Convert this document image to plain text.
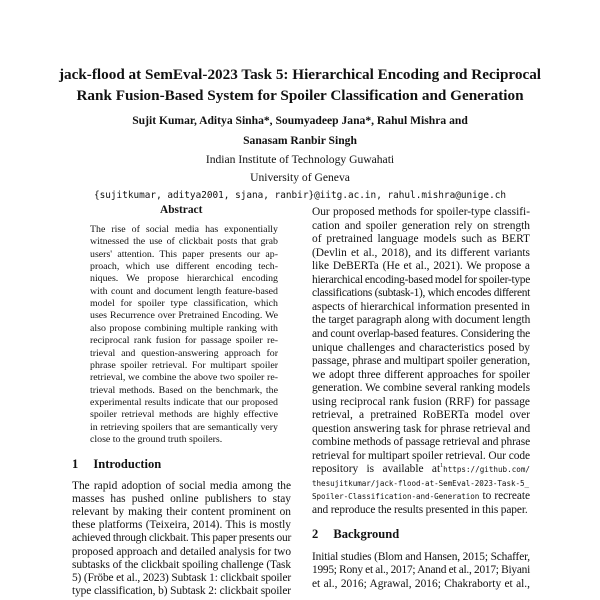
jack-flood at SemEval-2023 Task 5: Hierarchical Encoding and Reciprocal
Rank Fusion-Based System for Spoiler Classification and Generation
Sujit Kumar, Aditya Sinha*, Soumyadeep Jana*, Rahul Mishra and
Sanasam Ranbir Singh
Indian Institute of Technology Guwahati
University of Geneva
{sujitkumar, aditya2001, sjana, ranbir}@iitg.ac.in, rahul.mishra@unige.ch
Abstract
The rise of social media has exponentially
witnessed the use of clickbait posts that grab
users' attention. This paper presents our ap-
proach, which use different encoding tech-
niques. We propose hierarchical encoding
with count and document length feature-based
model for spoiler type classification, which
uses Recurrence over Pretrained Encoding. We
also propose combining multiple ranking with
reciprocal rank fusion for passage spoiler re-
trieval and question-answering approach for
phrase spoiler retrieval. For multipart spoiler
retrieval, we combine the above two spoiler re-
trieval methods. Based on the benchmark, the
experimental results indicate that our proposed
spoiler retrieval methods are highly effective
in retrieving spoilers that are semantically very
close to the ground truth spoilers.
1 Introduction
The rapid adoption of social media among the
masses has pushed online publishers to stay
relevant by making their content prominent on
these platforms (Teixeira, 2014). This is mostly
achieved through clickbait. This paper presents our
proposed approach and detailed analysis for two
subtasks of the clickbait spoiling challenge (Task
5) (Fröbe et al., 2023) Subtask 1: clickbait spoiler
type classification, b) Subtask 2: clickbait spoiler
repository is available $at^1https://github.com/$
thesujitkumar/jack-flood-at-SemEval-2023-Task-5_
Spoiler-Classification-and-Generation to recreate
and reproduce the results presented in this paper.
Our proposed methods for spoiler-type classifi-
cation and spoiler generation rely on strength
of pretrained language models such as BERT
(Devlin et al., 2018), and its different variants
like DeBERTa (He et al., 2021). We propose a
hierarchical encoding-based model for spoiler-type
classifications (subtask-1), which encodes different
aspects of hierarchical information presented in
the target paragraph along with document length
and count overlap-based features. Considering the
unique challenges and characteristics posed by
passage, phrase and multipart spoiler generation,
we adopt three different approaches for spoiler
generation. We combine several ranking models
using reciprocal rank fusion (RRF) for passage
retrieval, a pretrained RoBERTa model over
question answering task for phrase retrieval and
combine methods of passage retrieval and phrase
retrieval for multipart spoiler retrieval. Our code
Initial studies (Blom and Hansen, 2015; Schaffer,
1995; Rony et al., 2017; Anand et al., 2017; Biyani
et al., 2016; Agrawal, 2016; Chakraborty et al.,
2 Background
